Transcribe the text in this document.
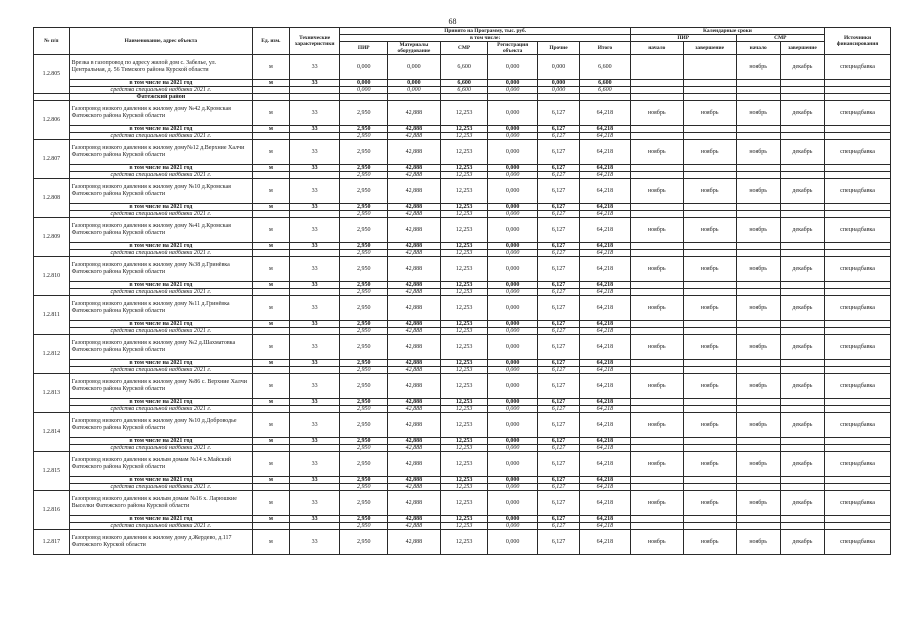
68
№ п/п	Наименование, адрес объекта	Ед. изм.	Технические характеристики	Принято на Программу, тыс. руб.						Календарные сроки				Источники финансирования
				в том числе:						ПИР		СМР		
				ПИР	Материалы оборудование	СМР	Регистрация объекта	Прочие	Итого					
										начало	завершение	начало	завершение	
1.2.805	Врезка в газопровод по адресу жилой дом с. Забелье, ул. Центральная, д. 56 Тимского района Курской области	м	33	0,000	0,000	6,600	0,000	0,000	6,600			ноябрь	декабрь	спецнадбавка
	в том числе на 2021 год	м	33	0,000	0,000	6,600	0,000	0,000	6,600					
	средства специальной надбавки 2021 г.			0,000	0,000	6,600	0,000	0,000	6,600					
	Фатежский район													
1.2.806	Газопровод низкого давления к жилому дому №42 д.Кромская Фатежского района Курской области	м	33	2,950	42,888	12,253	0,000	6,127	64,218	ноябрь	ноябрь	ноябрь	декабрь	спецнадбавка
	в том числе на 2021 год	м	33	2,950	42,888	12,253	0,000	6,127	64,218					
	средства специальной надбавки 2021 г.			2,950	42,888	12,253	0,000	6,127	64,218					
1.2.807	Газопровод низкого давления к жилому дому№12 д.Верхние Халчи Фатежского района Курской области	м	33	2,950	42,888	12,253	0,000	6,127	64,218	ноябрь	ноябрь	ноябрь	декабрь	спецнадбавка
	в том числе на 2021 год	м	33	2,950	42,888	12,253	0,000	6,127	64,218					
	средства специальной надбавки 2021 г.			2,950	42,888	12,253	0,000	6,127	64,218					
1.2.808	Газопровод низкого давления к жилому дому №10 д.Кромская Фатежского района Курской области	м	33	2,950	42,888	12,253	0,000	6,127	64,218	ноябрь	ноябрь	ноябрь	декабрь	спецнадбавка
	в том числе на 2021 год	м	33	2,950	42,888	12,253	0,000	6,127	64,218					
	средства специальной надбавки 2021 г.			2,950	42,888	12,253	0,000	6,127	64,218					
1.2.809	Газопровод низкого давления к жилому дому №41 д.Кромская Фатежского района Курской области	м	33	2,950	42,888	12,253	0,000	6,127	64,218	ноябрь	ноябрь	ноябрь	декабрь	спецнадбавка
	в том числе на 2021 год	м	33	2,950	42,888	12,253	0,000	6,127	64,218					
	средства специальной надбавки 2021 г.			2,950	42,888	12,253	0,000	6,127	64,218					
1.2.810	Газопровод низкого давления к жилому дому №38 д.Гринёвка Фатежского района Курской области	м	33	2,950	42,888	12,253	0,000	6,127	64,218	ноябрь	ноябрь	ноябрь	декабрь	спецнадбавка
	в том числе на 2021 год	м	33	2,950	42,888	12,253	0,000	6,127	64,218					
	средства специальной надбавки 2021 г.			2,950	42,888	12,253	0,000	6,127	64,218					
1.2.811	Газопровод низкого давления к жилому дому №11 д.Гринёвка Фатежского района Курской области	м	33	2,950	42,888	12,253	0,000	6,127	64,218	ноябрь	ноябрь	ноябрь	декабрь	спецнадбавка
	в том числе на 2021 год	м	33	2,950	42,888	12,253	0,000	6,127	64,218					
	средства специальной надбавки 2021 г.			2,950	42,888	12,253	0,000	6,127	64,218					
1.2.812	Газопровод низкого давления к жилому дому №2 д.Шахматовка Фатежского района Курской области	м	33	2,950	42,888	12,253	0,000	6,127	64,218	ноябрь	ноябрь	ноябрь	декабрь	спецнадбавка
	в том числе на 2021 год	м	33	2,950	42,888	12,253	0,000	6,127	64,218					
	средства специальной надбавки 2021 г.			2,950	42,888	12,253	0,000	6,127	64,218					
1.2.813	Газопровод низкого давления к жилому дому №86 с. Верхние Халчи Фатежского района Курской области	м	33	2,950	42,888	12,253	0,000	6,127	64,218	ноябрь	ноябрь	ноябрь	декабрь	спецнадбавка
	в том числе на 2021 год	м	33	2,950	42,888	12,253	0,000	6,127	64,218					
	средства специальной надбавки 2021 г.			2,950	42,888	12,253	0,000	6,127	64,218					
1.2.814	Газопровод низкого давления к жилому дому №10 д.Доброводье Фатежского района Курской области	м	33	2,950	42,888	12,253	0,000	6,127	64,218	ноябрь	ноябрь	ноябрь	декабрь	спецнадбавка
	в том числе на 2021 год	м	33	2,950	42,888	12,253	0,000	6,127	64,218					
	средства специальной надбавки 2021 г.			2,950	42,888	12,253	0,000	6,127	64,218					
1.2.815	Газопровод низкого давления к жилым домам №14 х.Майский Фатежского района Курской области	м	33	2,950	42,888	12,253	0,000	6,127	64,218	ноябрь	ноябрь	ноябрь	декабрь	спецнадбавка
	в том числе на 2021 год	м	33	2,950	42,888	12,253	0,000	6,127	64,218					
	средства специальной надбавки 2021 г.			2,950	42,888	12,253	0,000	6,127	64,218					
1.2.816	Газопровод низкого давления к жилым домам №16 х. Ларюшкие Выселки Фатежского района Курской области	м	33	2,950	42,888	12,253	0,000	6,127	64,218	ноябрь	ноябрь	ноябрь	декабрь	спецнадбавка
	в том числе на 2021 год	м	33	2,950	42,888	12,253	0,000	6,127	64,218					
	средства специальной надбавки 2021 г.			2,950	42,888	12,253	0,000	6,127	64,218					
1.2.817	Газопровод низкого давления к жилому дому д.Жердево, д.117 Фатежского Курской области	м	33	2,950	42,888	12,253	0,000	6,127	64,218	ноябрь	ноябрь	ноябрь	декабрь	спецнадбавка
